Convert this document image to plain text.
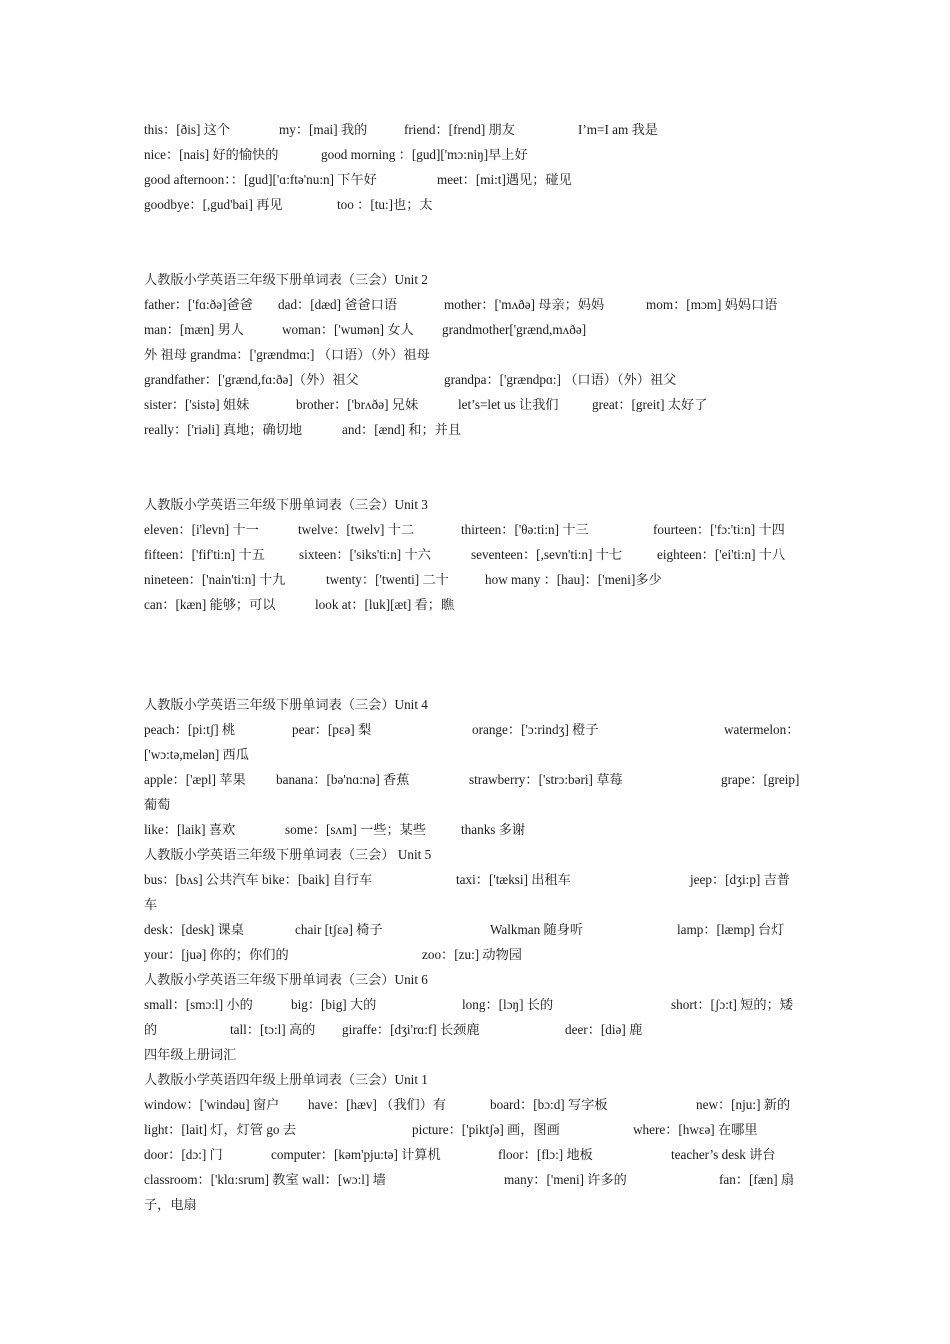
this：[ðis] 这个	my：[mai] 我的	friend：[frend] 朋友	I’m=I am 我是
nice：[nais] 好的愉快的	good morning ：[gud]['mɔ:niŋ]早上好
good afternoon：：[gud]['ɑ:ftə'nu:n] 下午好	meet：[mi:t]遇见；碰见
goodbye：[,gud'bai] 再见	too ：[tu:]也；太
人教版小学英语三年级下册单词表（三会）Unit 2
father：['fɑ:ðə]爸爸 dad：[dæd] 爸爸口语	mother：['mʌðə] 母亲；妈妈	mom：[mɔm] 妈妈口语
man：[mæn] 男人	woman：['wumən] 女人 grandmother['grænd,mʌðə]
外 祖母 grandma：['grændmɑ:] （口语）（外）祖母
grandfather：['grænd,fɑ:ðə]（外）祖父	grandpa：['grændpɑ:] （口语）（外）祖父
sister：['sistə] 姐妹	brother：['brʌðə] 兄妹	let’s=let us 让我们	great：[greit] 太好了
really：['riəli] 真地；确切地	and：[ænd] 和；并且
人教版小学英语三年级下册单词表（三会）Unit 3
eleven：[i'levn] 十一	twelve：[twelv] 十二	thirteen：['θə:ti:n] 十三	fourteen：['fɔ:'ti:n] 十四
fifteen：['fif'ti:n] 十五	sixteen：['siks'ti:n] 十六	seventeen：[,sevn'ti:n] 十七	eighteen：['ei'ti:n] 十八
nineteen：['nain'ti:n] 十九	twenty：['twenti] 二十	how many ：[hau]：['meni]多少
can：[kæn] 能够；可以	look at：[luk][æt] 看；瞧
人教版小学英语三年级下册单词表（三会）Unit 4
peach：[pi:tʃ] 桃	pear：[pɛə] 梨	orange：['ɔ:rindʒ] 橙子	watermelon：
['wɔ:tə,melən] 西瓜
apple：['æpl] 苹果 banana：[bə'nɑ:nə] 香蕉	strawberry：['strɔ:bəri] 草莓	grape：[greip]
葡萄
like：[laik] 喜欢	some：[sʌm] 一些；某些	thanks 多谢
人教版小学英语三年级下册单词表（三会） Unit 5
bus：[bʌs] 公共汽车 bike：[baik] 自行车	taxi：['tæksi] 出租车	jeep：[dʒi:p] 吉普
车
desk：[desk] 课桌	chair [tʃɛə] 椅子	Walkman 随身听	lamp：[læmp] 台灯
your：[juə] 你的；你们的	zoo：[zu:] 动物园
人教版小学英语三年级下册单词表（三会）Unit 6
small：[smɔ:l] 小的	big：[big] 大的	long：[lɔŋ] 长的	short：[ʃɔ:t] 短的；矮
的	tall：[tɔ:l] 高的 giraffe：[dʒi'rɑ:f] 长颈鹿	deer：[diə] 鹿
四年级上册词汇
人教版小学英语四年级上册单词表（三会）Unit 1
window：['windəu] 窗户 have：[hæv] （我们）有	board：[bɔ:d] 写字板	new：[nju:] 新的
light：[lait] 灯，灯管 go 去	picture：['piktʃə] 画，图画	where：[hwɛə] 在哪里
door：[dɔ:] 门	computer：[kəm'pju:tə] 计算机	floor：[flɔ:] 地板	teacher’s desk 讲台
classroom：['klɑ:srum] 教室 wall：[wɔ:l] 墙	many：['meni] 许多的	fan：[fæn] 扇
子，电扇
